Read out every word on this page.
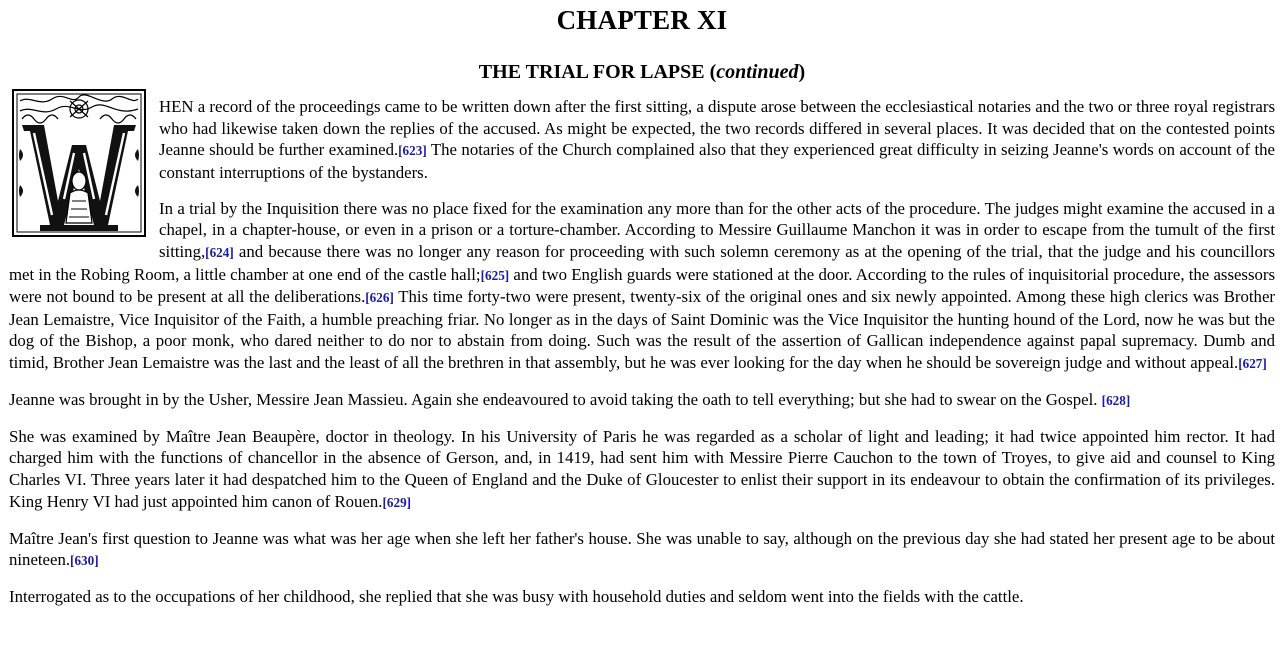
CHAPTER XI
THE TRIAL FOR LAPSE (continued)

HEN a record of the proceedings came to be written down after the first sitting, a dispute arose between the ecclesiastical notaries and the two or three royal registrars who had likewise taken down the replies of the accused. As might be expected, the two records differed in several places. It was decided that on the contested points Jeanne should be further examined.[623] The notaries of the Church complained also that they experienced great difficulty in seizing Jeanne's words on account of the constant interruptions of the bystanders.

In a trial by the Inquisition there was no place fixed for the examination any more than for the other acts of the procedure. The judges might examine the accused in a chapel, in a chapter-house, or even in a prison or a torture-chamber. According to Messire Guillaume Manchon it was in order to escape from the tumult of the first sitting,[624] and because there was no longer any reason for proceeding with such solemn ceremony as at the opening of the trial, that the judge and his councillors met in the Robing Room, a little chamber at one end of the castle hall;[625] and two English guards were stationed at the door. According to the rules of inquisitorial procedure, the assessors were not bound to be present at all the deliberations.[626] This time forty-two were present, twenty-six of the original ones and six newly appointed. Among these high clerics was Brother Jean Lemaistre, Vice Inquisitor of the Faith, a humble preaching friar. No longer as in the days of Saint Dominic was the Vice Inquisitor the hunting hound of the Lord, now he was but the dog of the Bishop, a poor monk, who dared neither to do nor to abstain from doing. Such was the result of the assertion of Gallican independence against papal supremacy. Dumb and timid, Brother Jean Lemaistre was the last and the least of all the brethren in that assembly, but he was ever looking for the day when he should be sovereign judge and without appeal.[627]

Jeanne was brought in by the Usher, Messire Jean Massieu. Again she endeavoured to avoid taking the oath to tell everything; but she had to swear on the Gospel. [628]

She was examined by Maître Jean Beaupère, doctor in theology. In his University of Paris he was regarded as a scholar of light and leading; it had twice appointed him rector. It had charged him with the functions of chancellor in the absence of Gerson, and, in 1419, had sent him with Messire Pierre Cauchon to the town of Troyes, to give aid and counsel to King Charles VI. Three years later it had despatched him to the Queen of England and the Duke of Gloucester to enlist their support in its endeavour to obtain the confirmation of its privileges. King Henry VI had just appointed him canon of Rouen.[629]

Maître Jean's first question to Jeanne was what was her age when she left her father's house. She was unable to say, although on the previous day she had stated her present age to be about nineteen.[630]

Interrogated as to the occupations of her childhood, she replied that she was busy with household duties and seldom went into the fields with the cattle.
